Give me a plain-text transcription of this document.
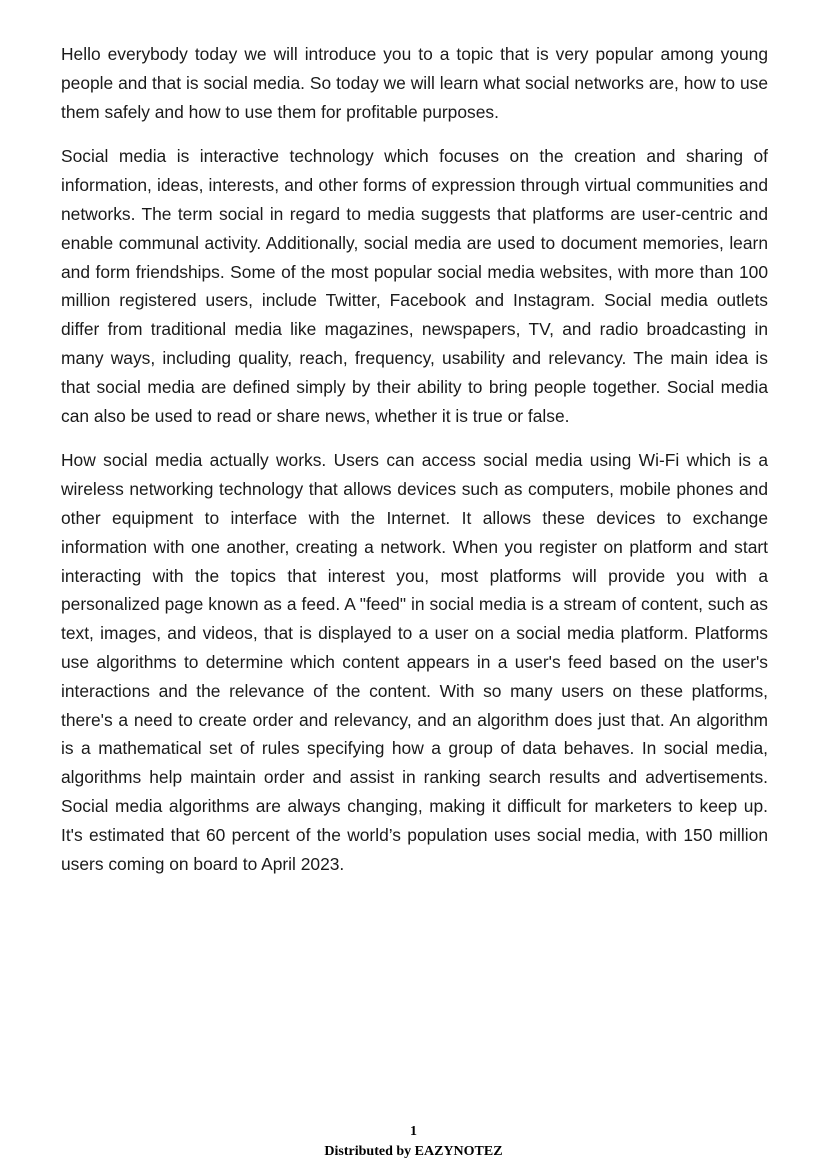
Hello everybody today we will introduce you to a topic that is very popular among young people and that is social media. So today we will learn what social networks are, how to use them safely and how to use them for profitable purposes.

Social media is interactive technology which focuses on the creation and sharing of information, ideas, interests, and other forms of expression through virtual communities and networks. The term social in regard to media suggests that platforms are user-centric and enable communal activity. Additionally, social media are used to document memories, learn and form friendships. Some of the most popular social media websites, with more than 100 million registered users, include Twitter, Facebook and Instagram. Social media outlets differ from traditional media like magazines, newspapers, TV, and radio broadcasting in many ways, including quality, reach, frequency, usability and relevancy. The main idea is that social media are defined simply by their ability to bring people together. Social media can also be used to read or share news, whether it is true or false.

How social media actually works. Users can access social media using Wi-Fi which is a wireless networking technology that allows devices such as computers, mobile phones and other equipment to interface with the Internet. It allows these devices to exchange information with one another, creating a network. When you register on platform and start interacting with the topics that interest you, most platforms will provide you with a personalized page known as a feed. A "feed" in social media is a stream of content, such as text, images, and videos, that is displayed to a user on a social media platform. Platforms use algorithms to determine which content appears in a user's feed based on the user's interactions and the relevance of the content. With so many users on these platforms, there's a need to create order and relevancy, and an algorithm does just that. An algorithm is a mathematical set of rules specifying how a group of data behaves. In social media, algorithms help maintain order and assist in ranking search results and advertisements. Social media algorithms are always changing, making it difficult for marketers to keep up. It's estimated that 60 percent of the world’s population uses social media, with 150 million users coming on board to April 2023.

1
Distributed by EAZYNOTEZ
